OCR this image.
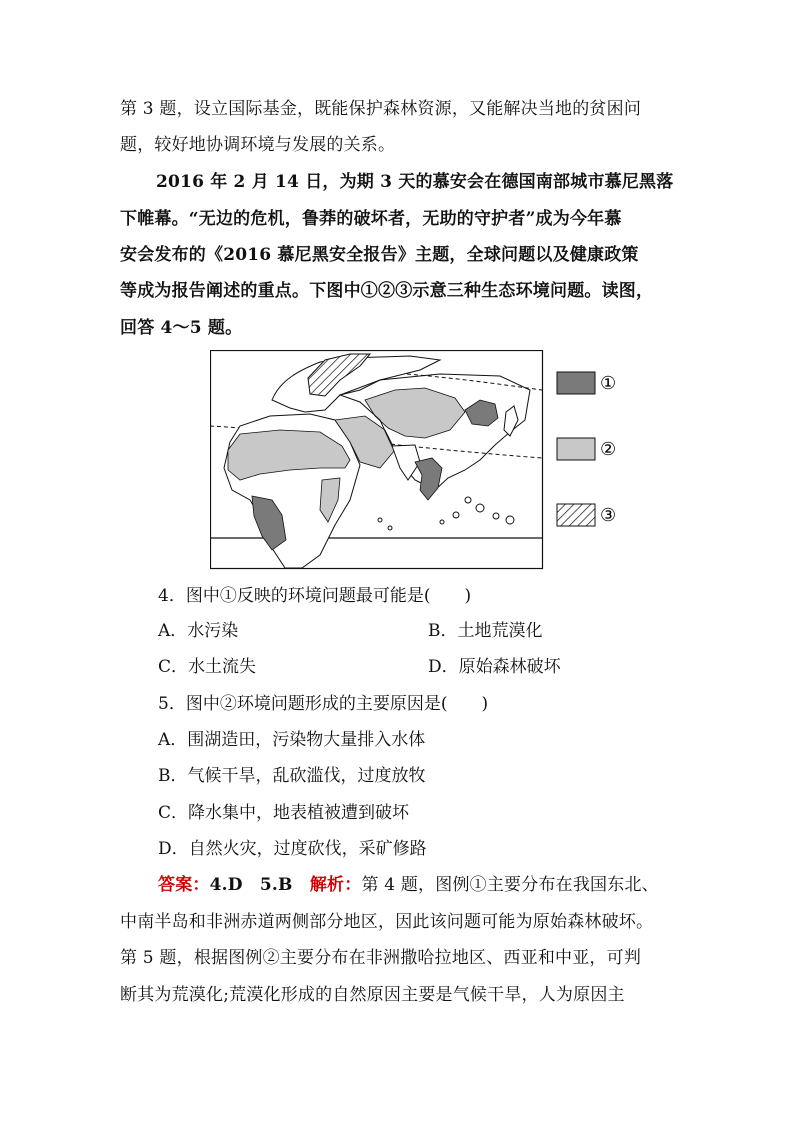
第 3 题，设立国际基金，既能保护森林资源，又能解决当地的贫困问
题，较好地协调环境与发展的关系。
2016 年 2 月 14 日，为期 3 天的慕安会在德国南部城市慕尼黑落
下帷幕。“无边的危机，鲁莽的破坏者，无助的守护者”成为今年慕
安会发布的《2016 慕尼黑安全报告》主题，全球问题以及健康政策
等成为报告阐述的重点。下图中①②③示意三种生态环境问题。读图，
回答 4～5 题。
①
②
③
4．图中①反映的环境问题最可能是(　　)
A．水污染	B．土地荒漠化
C．水土流失	D．原始森林破坏
5．图中②环境问题形成的主要原因是(　　)
A．围湖造田，污染物大量排入水体
B．气候干旱，乱砍滥伐，过度放牧
C．降水集中，地表植被遭到破坏
D．自然火灾，过度砍伐，采矿修路
答案：4.D　5.B　解析：第 4 题，图例①主要分布在我国东北、
中南半岛和非洲赤道两侧部分地区，因此该问题可能为原始森林破坏。
第 5 题，根据图例②主要分布在非洲撒哈拉地区、西亚和中亚，可判
断其为荒漠化;荒漠化形成的自然原因主要是气候干旱，人为原因主
